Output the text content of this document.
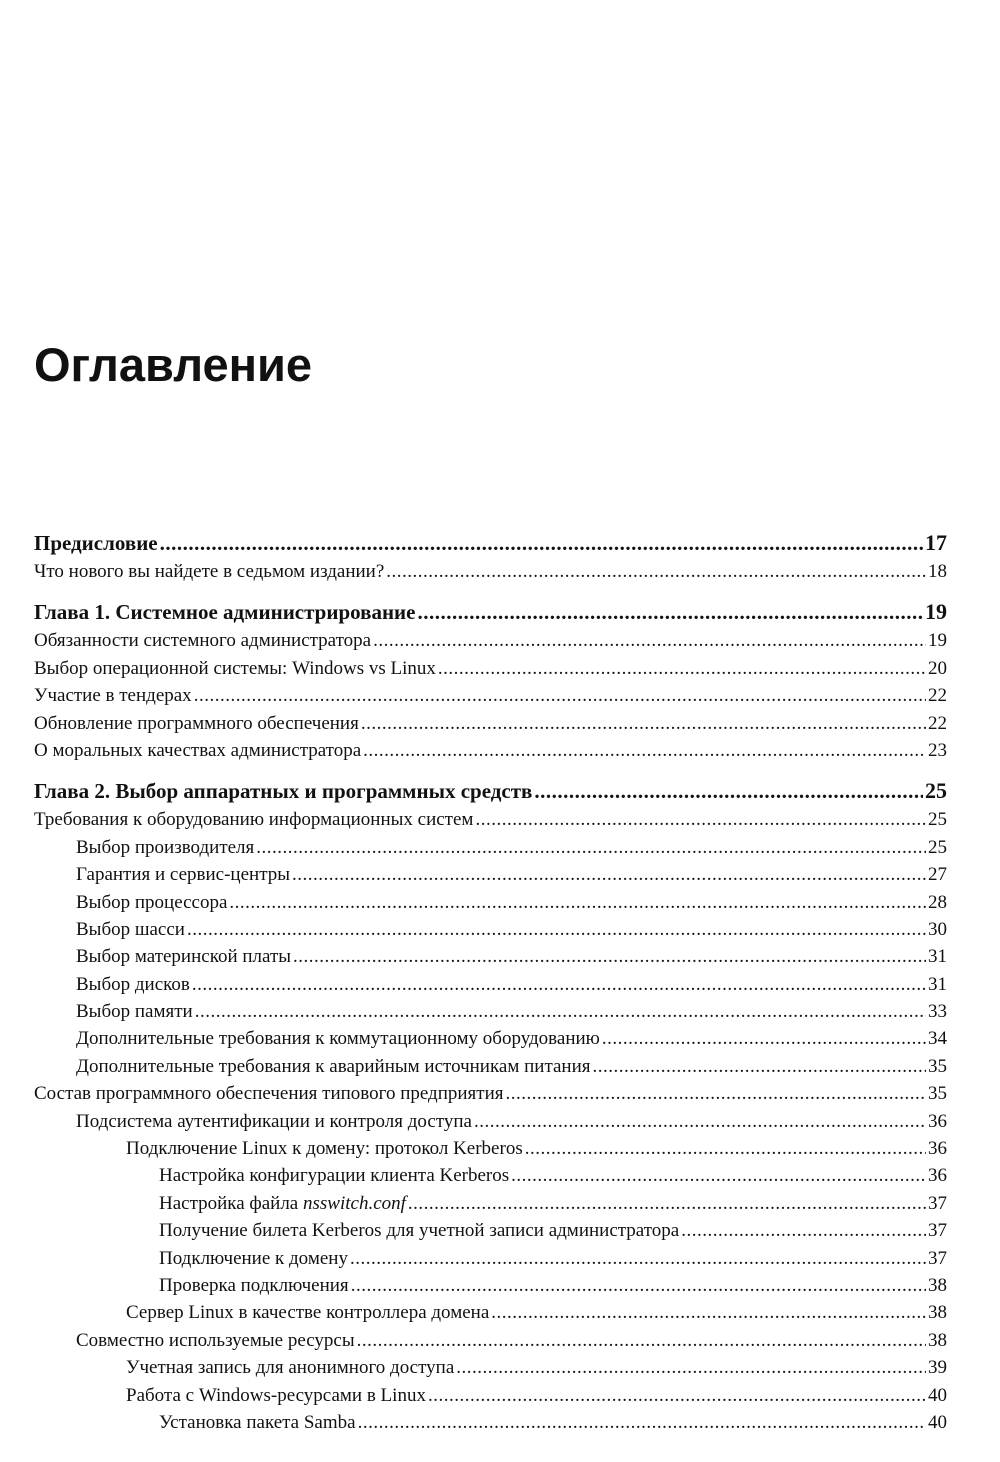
Оглавление
Предисловие .....	17
Что нового вы найдете в седьмом издании? .....	18
Глава 1. Системное администрирование .....	19
Обязанности системного администратора .....	19
Выбор операционной системы: Windows vs Linux .....	20
Участие в тендерах .....	22
Обновление программного обеспечения .....	22
О моральных качествах администратора .....	23
Глава 2. Выбор аппаратных и программных средств .....	25
Требования к оборудованию информационных систем .....	25
Выбор производителя .....	25
Гарантия и сервис-центры .....	27
Выбор процессора .....	28
Выбор шасси .....	30
Выбор материнской платы .....	31
Выбор дисков .....	31
Выбор памяти .....	33
Дополнительные требования к коммутационному оборудованию .....	34
Дополнительные требования к аварийным источникам питания .....	35
Состав программного обеспечения типового предприятия .....	35
Подсистема аутентификации и контроля доступа .....	36
Подключение Linux к домену: протокол Kerberos .....	36
Настройка конфигурации клиента Kerberos .....	36
Настройка файла nsswitch.conf .....	37
Получение билета Kerberos для учетной записи администратора .....	37
Подключение к домену .....	37
Проверка подключения .....	38
Сервер Linux в качестве контроллера домена .....	38
Совместно используемые ресурсы .....	38
Учетная запись для анонимного доступа .....	39
Работа с Windows-ресурсами в Linux .....	40
Установка пакета Samba .....	40
